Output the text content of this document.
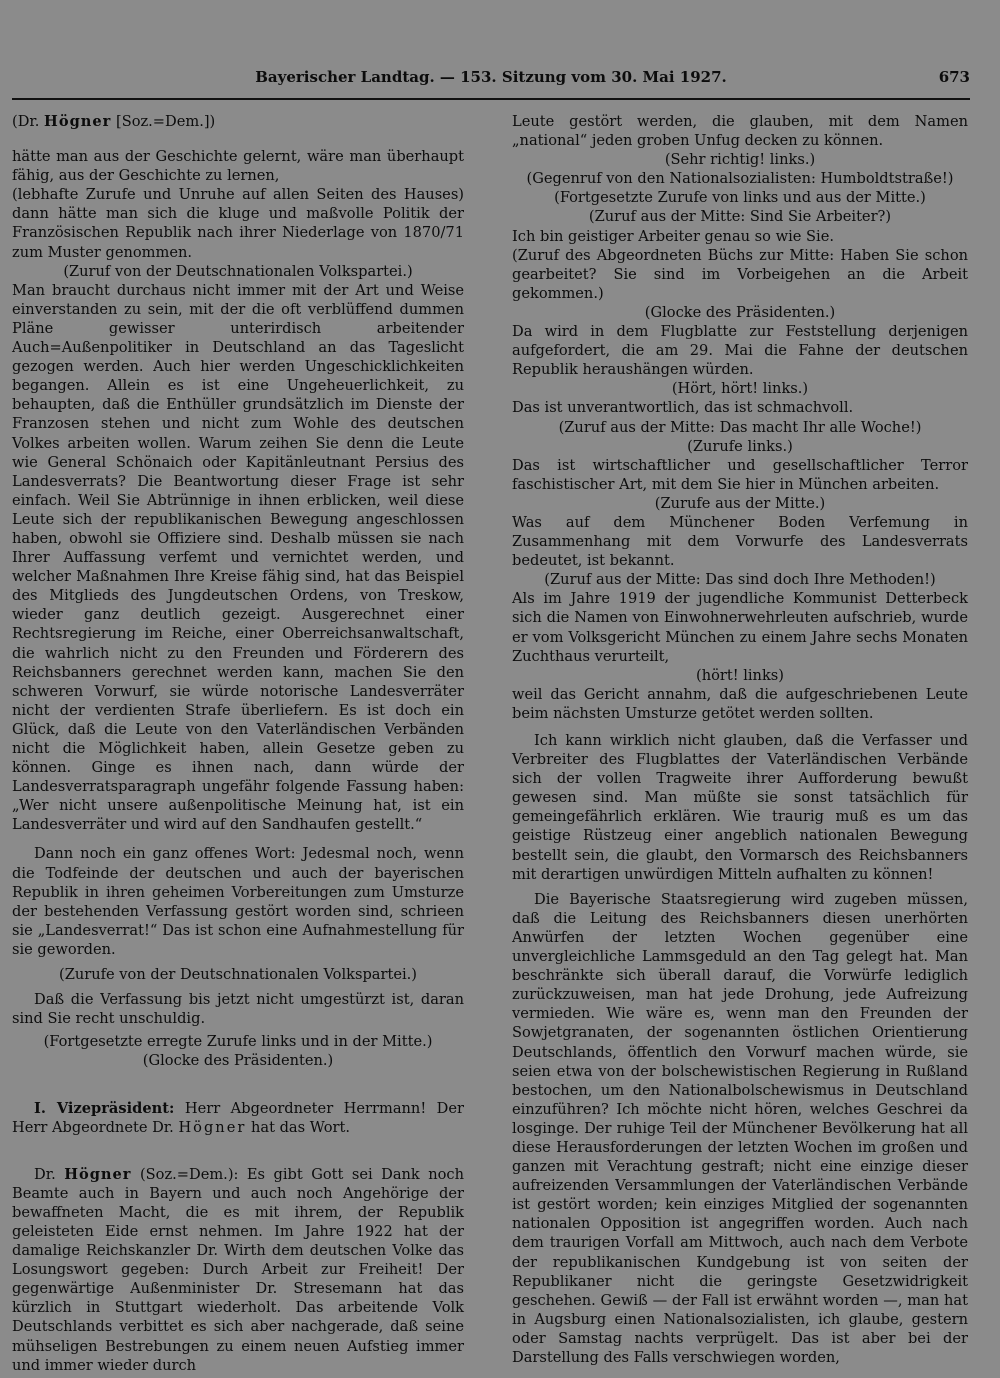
Bayerischer Landtag. — 153. Sitzung vom 30. Mai 1927.	673

(Dr. Högner [Soz.=Dem.])

hätte man aus der Geschichte gelernt, wäre man überhaupt fähig, aus der Geschichte zu lernen,

(lebhafte Zurufe und Unruhe auf allen Seiten des Hauses) dann hätte man sich die kluge und maßvolle Politik der Französischen Republik nach ihrer Niederlage von 1870/71 zum Muster genommen.

(Zuruf von der Deutschnationalen Volkspartei.)

Man braucht durchaus nicht immer mit der Art und Weise einverstanden zu sein, mit der die oft verblüffend dummen Pläne gewisser unterirdisch arbeitender Auch=Außenpolitiker in Deutschland an das Tageslicht gezogen werden. Auch hier werden Ungeschicklichkeiten begangen. Allein es ist eine Ungeheuerlichkeit, zu behaupten, daß die Enthüller grundsätzlich im Dienste der Franzosen stehen und nicht zum Wohle des deutschen Volkes arbeiten wollen. Warum zeihen Sie denn die Leute wie General Schönaich oder Kapitänleutnant Persius des Landesverrats? Die Beantwortung dieser Frage ist sehr einfach. Weil Sie Abtrünnige in ihnen erblicken, weil diese Leute sich der republikanischen Bewegung angeschlossen haben, obwohl sie Offiziere sind. Deshalb müssen sie nach Ihrer Auffassung verfemt und vernichtet werden, und welcher Maßnahmen Ihre Kreise fähig sind, hat das Beispiel des Mitglieds des Jungdeutschen Ordens, von Treskow, wieder ganz deutlich gezeigt. Ausgerechnet einer Rechtsregierung im Reiche, einer Oberreichsanwaltschaft, die wahrlich nicht zu den Freunden und Förderern des Reichsbanners gerechnet werden kann, machen Sie den schweren Vorwurf, sie würde notorische Landesverräter nicht der verdienten Strafe überliefern. Es ist doch ein Glück, daß die Leute von den Vaterländischen Verbänden nicht die Möglichkeit haben, allein Gesetze geben zu können. Ginge es ihnen nach, dann würde der Landesverratsparagraph ungefähr folgende Fassung haben: „Wer nicht unsere außenpolitische Meinung hat, ist ein Landesverräter und wird auf den Sandhaufen gestellt.“

Dann noch ein ganz offenes Wort: Jedesmal noch, wenn die Todfeinde der deutschen und auch der bayerischen Republik in ihren geheimen Vorbereitungen zum Umsturze der bestehenden Verfassung gestört worden sind, schrieen sie „Landesverrat!“ Das ist schon eine Aufnahmestellung für sie geworden.

(Zurufe von der Deutschnationalen Volkspartei.)

Daß die Verfassung bis jetzt nicht umgestürzt ist, daran sind Sie recht unschuldig.

(Fortgesetzte erregte Zurufe links und in der Mitte.)

(Glocke des Präsidenten.)

I. Vizepräsident: Herr Abgeordneter Herrmann! Der Herr Abgeordnete Dr. Högner hat das Wort.

Dr. Högner (Soz.=Dem.): Es gibt Gott sei Dank noch Beamte auch in Bayern und auch noch Angehörige der bewaffneten Macht, die es mit ihrem, der Republik geleisteten Eide ernst nehmen. Im Jahre 1922 hat der damalige Reichskanzler Dr. Wirth dem deutschen Volke das Losungswort gegeben: Durch Arbeit zur Freiheit! Der gegenwärtige Außenminister Dr. Stresemann hat das kürzlich in Stuttgart wiederholt. Das arbeitende Volk Deutschlands verbittet es sich aber nachgerade, daß seine mühseligen Bestrebungen zu einem neuen Aufstieg immer und immer wieder durch

Leute gestört werden, die glauben, mit dem Namen „national“ jeden groben Unfug decken zu können.

(Sehr richtig! links.)

(Gegenruf von den Nationalsozialisten: Humboldtstraße!)

(Fortgesetzte Zurufe von links und aus der Mitte.)

(Zuruf aus der Mitte: Sind Sie Arbeiter?)

Ich bin geistiger Arbeiter genau so wie Sie.

(Zuruf des Abgeordneten Büchs zur Mitte: Haben Sie schon gearbeitet? Sie sind im Vorbeigehen an die Arbeit gekommen.)

(Glocke des Präsidenten.)

Da wird in dem Flugblatte zur Feststellung derjenigen aufgefordert, die am 29. Mai die Fahne der deutschen Republik heraushängen würden.

(Hört, hört! links.)

Das ist unverantwortlich, das ist schmachvoll.

(Zuruf aus der Mitte: Das macht Ihr alle Woche!)

(Zurufe links.)

Das ist wirtschaftlicher und gesellschaftlicher Terror faschistischer Art, mit dem Sie hier in München arbeiten.

(Zurufe aus der Mitte.)

Was auf dem Münchener Boden Verfemung in Zusammenhang mit dem Vorwurfe des Landesverrats bedeutet, ist bekannt.

(Zuruf aus der Mitte: Das sind doch Ihre Methoden!)

Als im Jahre 1919 der jugendliche Kommunist Detterbeck sich die Namen von Einwohnerwehrleuten aufschrieb, wurde er vom Volksgericht München zu einem Jahre sechs Monaten Zuchthaus verurteilt,

(hört! links)

weil das Gericht annahm, daß die aufgeschriebenen Leute beim nächsten Umsturze getötet werden sollten.

Ich kann wirklich nicht glauben, daß die Verfasser und Verbreiter des Flugblattes der Vaterländischen Verbände sich der vollen Tragweite ihrer Aufforderung bewußt gewesen sind. Man müßte sie sonst tatsächlich für gemeingefährlich erklären. Wie traurig muß es um das geistige Rüstzeug einer angeblich nationalen Bewegung bestellt sein, die glaubt, den Vormarsch des Reichsbanners mit derartigen unwürdigen Mitteln aufhalten zu können!

Die Bayerische Staatsregierung wird zugeben müssen, daß die Leitung des Reichsbanners diesen unerhörten Anwürfen der letzten Wochen gegenüber eine unvergleichliche Lammsgeduld an den Tag gelegt hat. Man beschränkte sich überall darauf, die Vorwürfe lediglich zurückzuweisen, man hat jede Drohung, jede Aufreizung vermieden. Wie wäre es, wenn man den Freunden der Sowjetgranaten, der sogenannten östlichen Orientierung Deutschlands, öffentlich den Vorwurf machen würde, sie seien etwa von der bolschewistischen Regierung in Rußland bestochen, um den Nationalbolschewismus in Deutschland einzuführen? Ich möchte nicht hören, welches Geschrei da losginge. Der ruhige Teil der Münchener Bevölkerung hat all diese Herausforderungen der letzten Wochen im großen und ganzen mit Verachtung gestraft; nicht eine einzige dieser aufreizenden Versammlungen der Vaterländischen Verbände ist gestört worden; kein einziges Mitglied der sogenannten nationalen Opposition ist angegriffen worden. Auch nach dem traurigen Vorfall am Mittwoch, auch nach dem Verbote der republikanischen Kundgebung ist von seiten der Republikaner nicht die geringste Gesetzwidrigkeit geschehen. Gewiß — der Fall ist erwähnt worden —, man hat in Augsburg einen Nationalsozialisten, ich glaube, gestern oder Samstag nachts verprügelt. Das ist aber bei der Darstellung des Falls verschwiegen worden,
